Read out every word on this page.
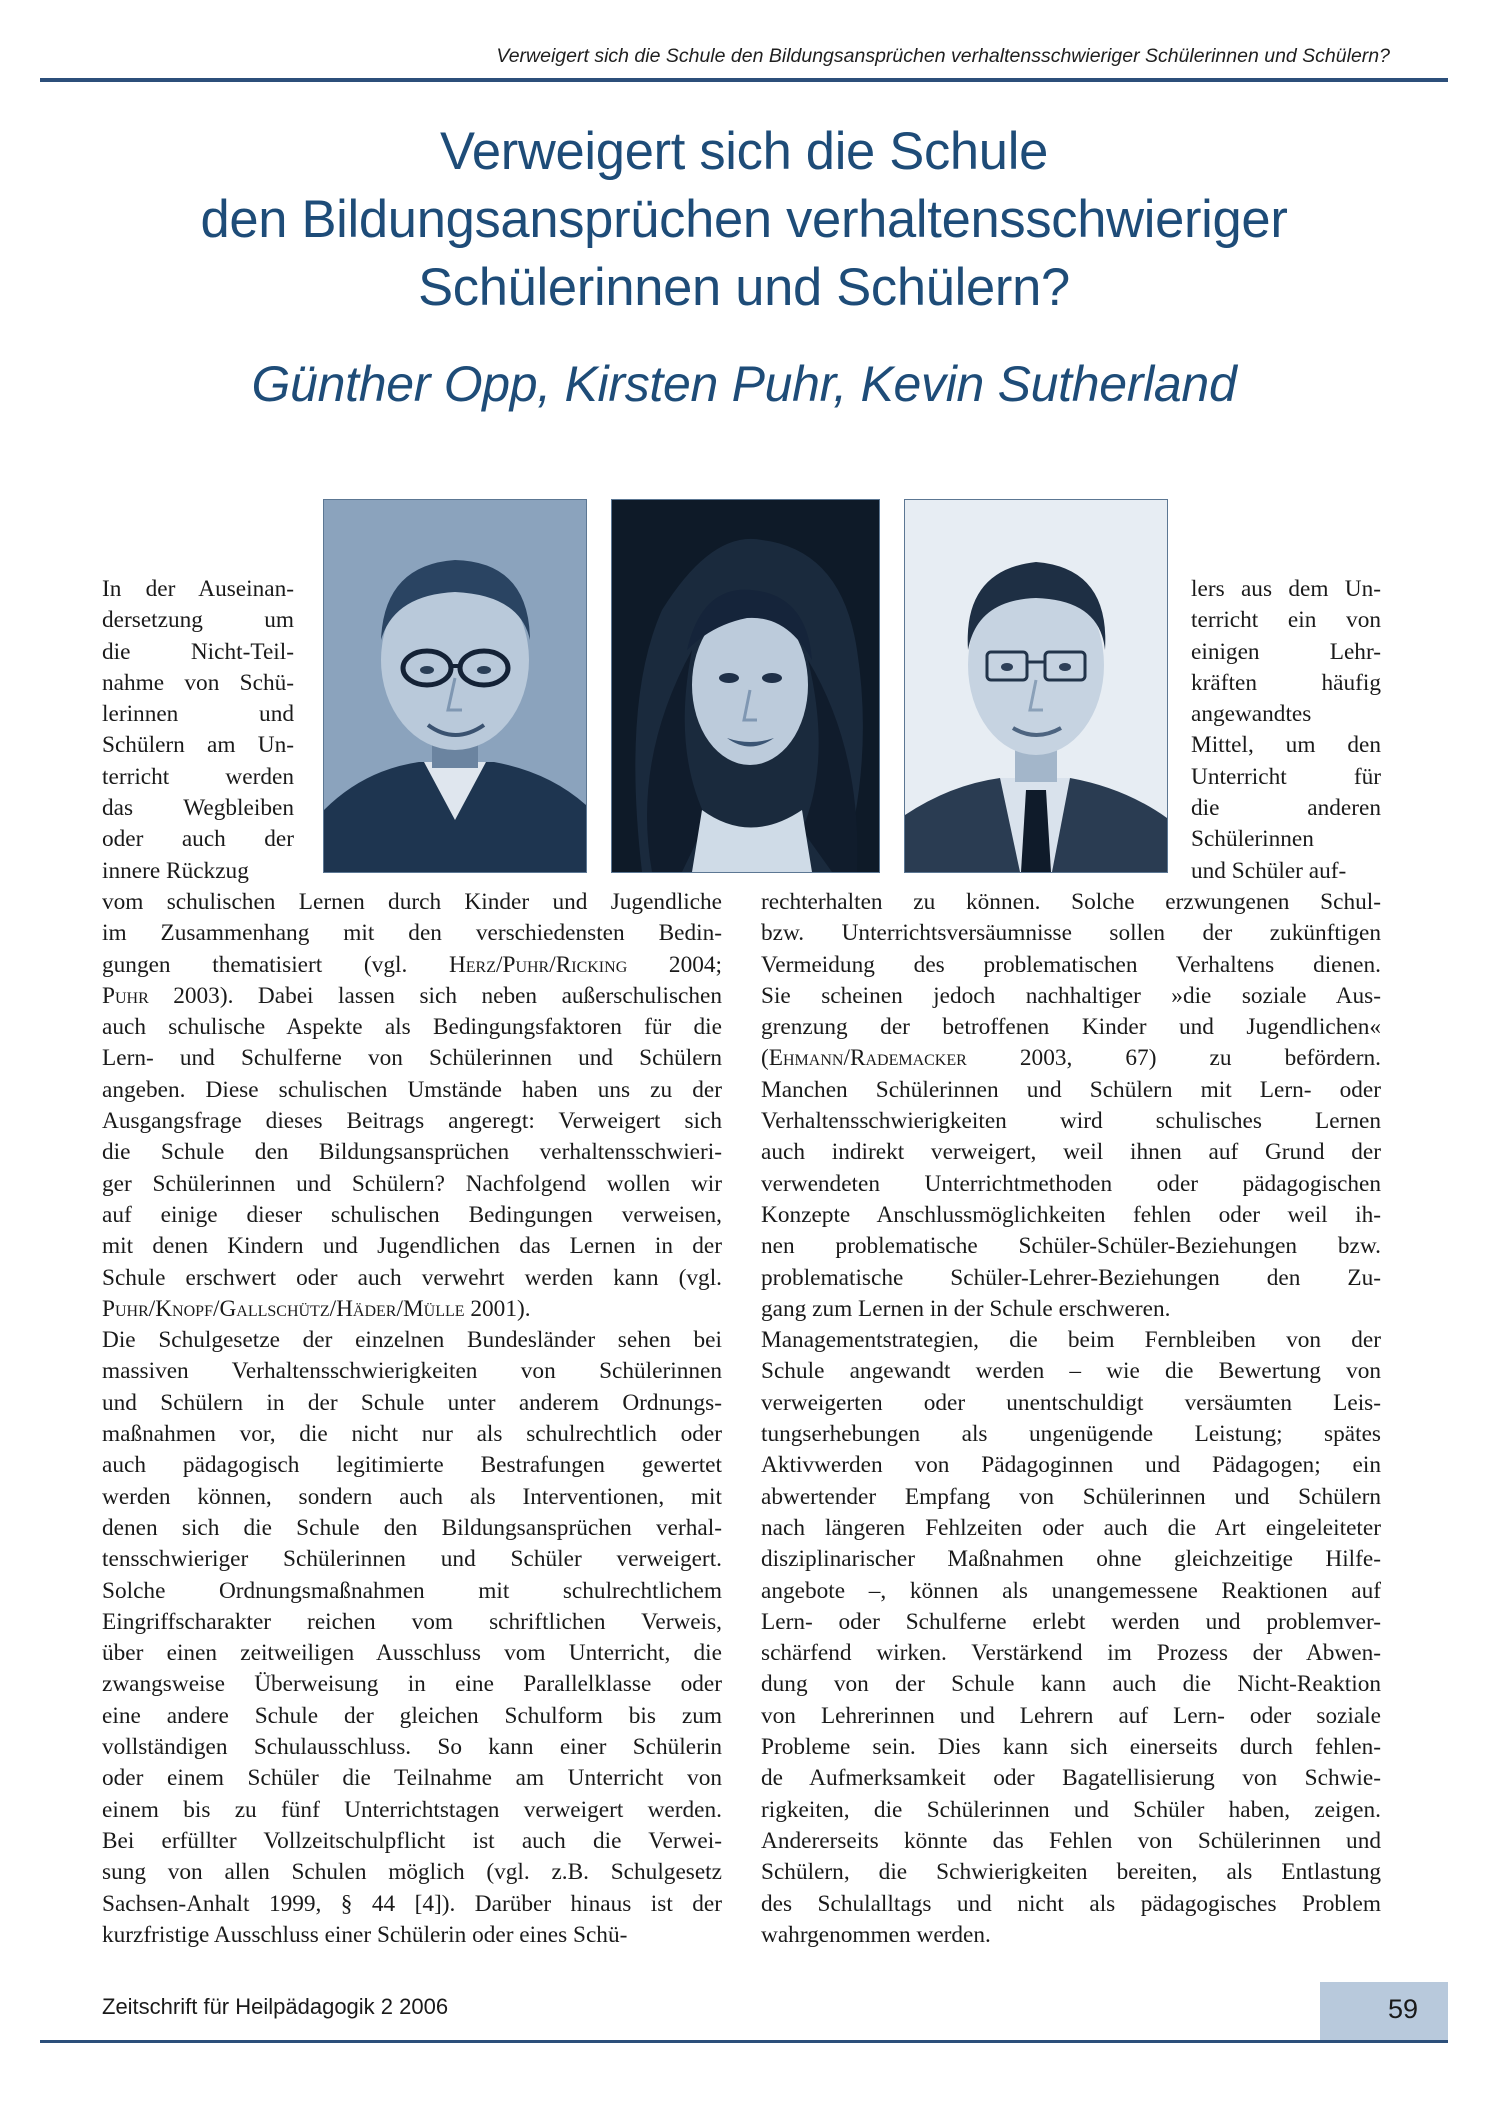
Verweigert sich die Schule den Bildungsansprüchen verhaltensschwieriger Schülerinnen und Schülern?
Verweigert sich die Schule
den Bildungsansprüchen verhaltensschwieriger
Schülerinnen und Schülern?
Günther Opp, Kirsten Puhr, Kevin Sutherland
In der Auseinan-
dersetzung um
die Nicht-Teil-
nahme von Schü-
lerinnen und
Schülern am Un-
terricht werden
das Wegbleiben
oder auch der
innere Rückzug
lers aus dem Un-
terricht ein von
einigen Lehr-
kräften häufig
angewandtes
Mittel, um den
Unterricht für
die anderen
Schülerinnen
und Schüler auf-
vom schulischen Lernen durch Kinder und Jugendliche
im Zusammenhang mit den verschiedensten Bedin-
gungen thematisiert (vgl. Herz/Puhr/Ricking 2004;
Puhr 2003). Dabei lassen sich neben außerschulischen
auch schulische Aspekte als Bedingungsfaktoren für die
Lern- und Schulferne von Schülerinnen und Schülern
angeben. Diese schulischen Umstände haben uns zu der
Ausgangsfrage dieses Beitrags angeregt: Verweigert sich
die Schule den Bildungsansprüchen verhaltensschwieri-
ger Schülerinnen und Schülern? Nachfolgend wollen wir
auf einige dieser schulischen Bedingungen verweisen,
mit denen Kindern und Jugendlichen das Lernen in der
Schule erschwert oder auch verwehrt werden kann (vgl.
Puhr/Knopf/Gallschütz/Häder/Mülle 2001).
Die Schulgesetze der einzelnen Bundesländer sehen bei
massiven Verhaltensschwierigkeiten von Schülerinnen
und Schülern in der Schule unter anderem Ordnungs-
maßnahmen vor, die nicht nur als schulrechtlich oder
auch pädagogisch legitimierte Bestrafungen gewertet
werden können, sondern auch als Interventionen, mit
denen sich die Schule den Bildungsansprüchen verhal-
tensschwieriger Schülerinnen und Schüler verweigert.
Solche Ordnungsmaßnahmen mit schulrechtlichem
Eingriffscharakter reichen vom schriftlichen Verweis,
über einen zeitweiligen Ausschluss vom Unterricht, die
zwangsweise Überweisung in eine Parallelklasse oder
eine andere Schule der gleichen Schulform bis zum
vollständigen Schulausschluss. So kann einer Schülerin
oder einem Schüler die Teilnahme am Unterricht von
einem bis zu fünf Unterrichtstagen verweigert werden.
Bei erfüllter Vollzeitschulpflicht ist auch die Verwei-
sung von allen Schulen möglich (vgl. z.B. Schulgesetz
Sachsen-Anhalt 1999, § 44 [4]). Darüber hinaus ist der
kurzfristige Ausschluss einer Schülerin oder eines Schü-
rechterhalten zu können. Solche erzwungenen Schul-
bzw. Unterrichtsversäumnisse sollen der zukünftigen
Vermeidung des problematischen Verhaltens dienen.
Sie scheinen jedoch nachhaltiger »die soziale Aus-
grenzung der betroffenen Kinder und Jugendlichen«
(Ehmann/Rademacker 2003, 67) zu befördern.
Manchen Schülerinnen und Schülern mit Lern- oder
Verhaltensschwierigkeiten wird schulisches Lernen
auch indirekt verweigert, weil ihnen auf Grund der
verwendeten Unterrichtmethoden oder pädagogischen
Konzepte Anschlussmöglichkeiten fehlen oder weil ih-
nen problematische Schüler-Schüler-Beziehungen bzw.
problematische Schüler-Lehrer-Beziehungen den Zu-
gang zum Lernen in der Schule erschweren.
Managementstrategien, die beim Fernbleiben von der
Schule angewandt werden – wie die Bewertung von
verweigerten oder unentschuldigt versäumten Leis-
tungserhebungen als ungenügende Leistung; spätes
Aktivwerden von Pädagoginnen und Pädagogen; ein
abwertender Empfang von Schülerinnen und Schülern
nach längeren Fehlzeiten oder auch die Art eingeleiteter
disziplinarischer Maßnahmen ohne gleichzeitige Hilfe-
angebote –, können als unangemessene Reaktionen auf
Lern- oder Schulferne erlebt werden und problemver-
schärfend wirken. Verstärkend im Prozess der Abwen-
dung von der Schule kann auch die Nicht-Reaktion
von Lehrerinnen und Lehrern auf Lern- oder soziale
Probleme sein. Dies kann sich einerseits durch fehlen-
de Aufmerksamkeit oder Bagatellisierung von Schwie-
rigkeiten, die Schülerinnen und Schüler haben, zeigen.
Andererseits könnte das Fehlen von Schülerinnen und
Schülern, die Schwierigkeiten bereiten, als Entlastung
des Schulalltags und nicht als pädagogisches Problem
wahrgenommen werden.
Zeitschrift für Heilpädagogik 2 2006	59
